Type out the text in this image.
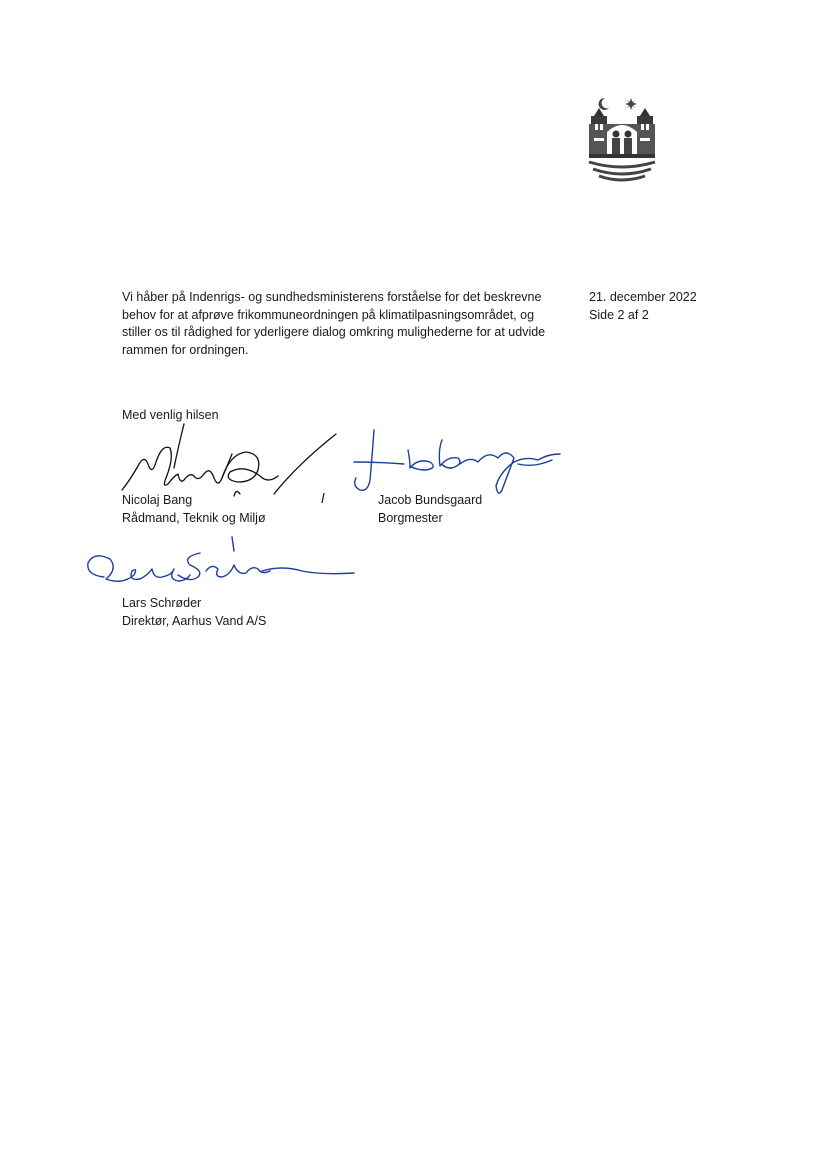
Vi håber på Indenrigs- og sundhedsministerens forståelse for det beskrevne
behov for at afprøve frikommuneordningen på klimatilpasningsområdet, og
stiller os til rådighed for yderligere dialog omkring mulighederne for at udvide
rammen for ordningen.
21. december 2022
Side 2 af 2
Med venlig hilsen
Nicolaj Bang
Rådmand, Teknik og Miljø
Jacob Bundsgaard
Borgmester
Lars Schrøder
Direktør, Aarhus Vand A/S
